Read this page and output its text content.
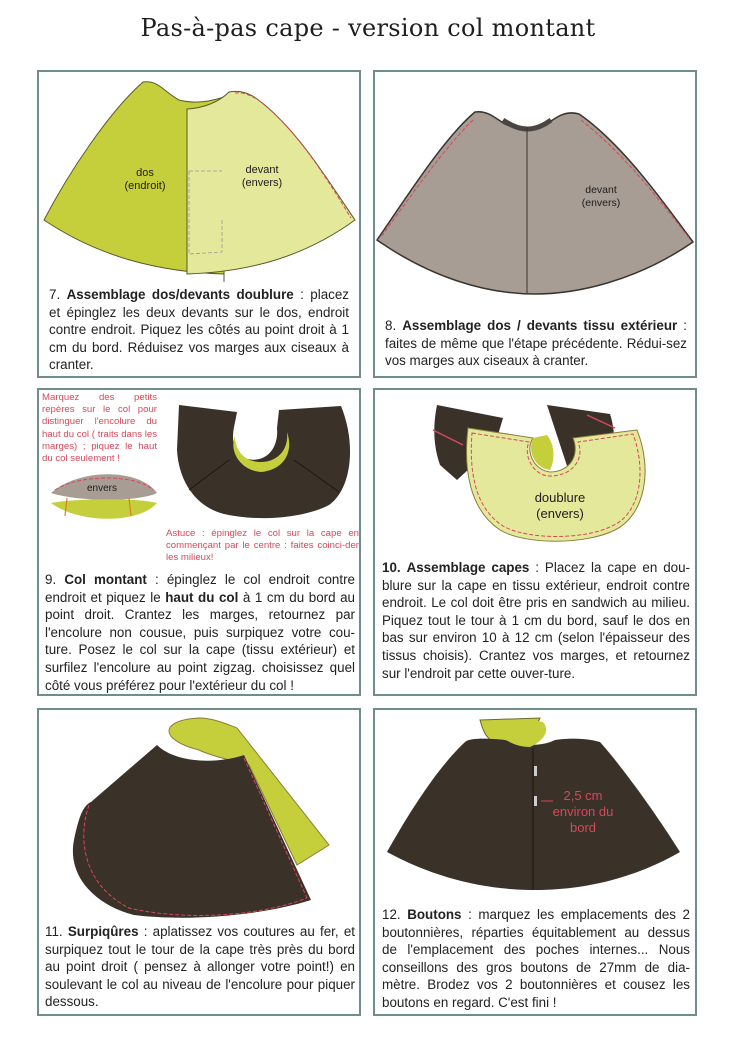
Pas-à-pas cape - version col montant
dos
(endroit)
devant
(envers)
7. Assemblage dos/devants doublure : placez et épinglez les deux devants sur le dos, endroit contre endroit. Piquez les côtés au point droit à 1 cm du bord. Réduisez vos marges aux ciseaux à cranter.
devant
(envers)
8. Assemblage dos / devants tissu extérieur : faites de même que l'étape précédente. Rédui-sez vos marges aux ciseaux à cranter.
Marquez des petits repères sur le col pour distinguer l'encolure du haut du col ( traits dans les marges) ; piquez le haut du col seulement !
envers
Astuce : épinglez le col sur la cape en commençant par le centre : faites coinci-der les milieux!
9. Col montant : épinglez le col endroit contre endroit et piquez le haut du col à 1 cm du bord au point droit. Crantez les marges, retournez par l'encolure non cousue, puis surpiquez votre cou-ture. Posez le col sur la cape (tissu extérieur) et surfilez l'encolure au point zigzag. choisissez quel côté vous préférez pour l'extérieur du col !
doublure
(envers)
10. Assemblage capes : Placez la cape en dou-blure sur la cape en tissu extérieur, endroit contre endroit. Le col doit être pris en sandwich au milieu. Piquez tout le tour à 1 cm du bord, sauf le dos en bas sur environ 10 à 12 cm (selon l'épaisseur des tissus choisis). Crantez vos marges, et retournez sur l'endroit par cette ouver-ture.
11. Surpiqûres : aplatissez vos coutures au fer, et surpiquez tout le tour de la cape très près du bord au point droit ( pensez à allonger votre point!) en soulevant le col au niveau de l'encolure pour piquer dessous.
2,5 cm
environ du
bord
12. Boutons : marquez les emplacements des 2 boutonnières, réparties équitablement au dessus de l'emplacement des poches internes... Nous conseillons des gros boutons de 27mm de dia-mètre. Brodez vos 2 boutonnières et cousez les boutons en regard. C'est fini !
